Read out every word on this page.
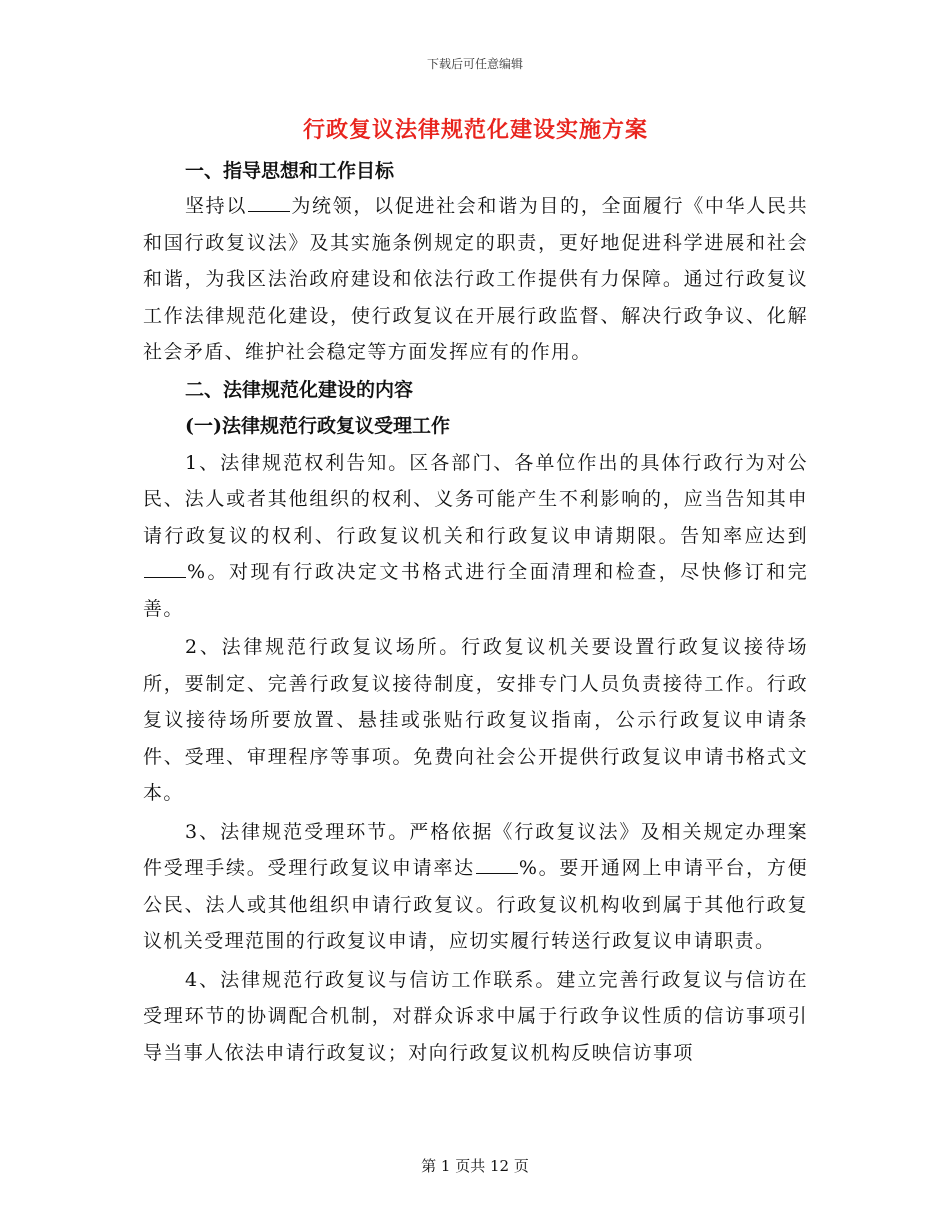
下载后可任意编辑
行政复议法律规范化建设实施方案

一、指导思想和工作目标

坚持以 为统领，以促进社会和谐为目的，全面履行《中华人民共和国行政复议法》及其实施条例规定的职责，更好地促进科学进展和社会和谐，为我区法治政府建设和依法行政工作提供有力保障。通过行政复议工作法律规范化建设，使行政复议在开展行政监督、解决行政争议、化解社会矛盾、维护社会稳定等方面发挥应有的作用。

二、法律规范化建设的内容

(一)法律规范行政复议受理工作

1、法律规范权利告知。区各部门、各单位作出的具体行政行为对公民、法人或者其他组织的权利、义务可能产生不利影响的，应当告知其申请行政复议的权利、行政复议机关和行政复议申请期限。告知率应达到%。对现有行政决定文书格式进行全面清理和检查，尽快修订和完善。

2、法律规范行政复议场所。行政复议机关要设置行政复议接待场所，要制定、完善行政复议接待制度，安排专门人员负责接待工作。行政复议接待场所要放置、悬挂或张贴行政复议指南，公示行政复议申请条件、受理、审理程序等事项。免费向社会公开提供行政复议申请书格式文本。

3、法律规范受理环节。严格依据《行政复议法》及相关规定办理案件受理手续。受理行政复议申请率达 %。要开通网上申请平台，方便公民、法人或其他组织申请行政复议。行政复议机构收到属于其他行政复议机关受理范围的行政复议申请，应切实履行转送行政复议申请职责。

4、法律规范行政复议与信访工作联系。建立完善行政复议与信访在受理环节的协调配合机制，对群众诉求中属于行政争议性质的信访事项引导当事人依法申请行政复议；对向行政复议机构反映信访事项

第 1 页共 12 页
